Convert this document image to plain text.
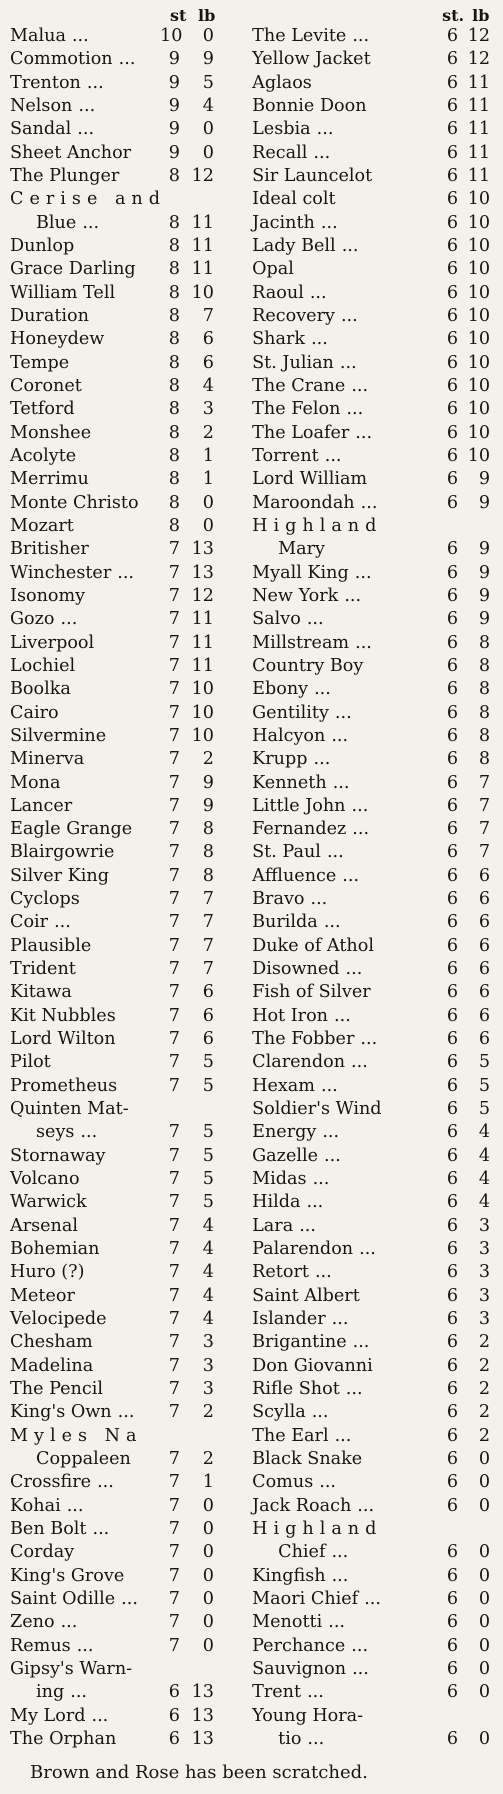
st lb
Malua ...	10	0
Commotion ...	9	9
Trenton ...	9	5
Nelson ...	9	4
Sandal ...	9	0
Sheet Anchor	9	0
The Plunger	8 12
Cerise and
Blue ...	8 11
Dunlop	8 11
Grace Darling	8 11
William Tell	8 10
Duration	8	7
Honeydew	8	6
Tempe	8	6
Coronet	8	4
Tetford	8	3
Monshee	8	2
Acolyte	8	1
Merrimu	8	1
Monte Christo	8	0
Mozart	8	0
Britisher	7 13
Winchester ...	7 13
Isonomy	7 12
Gozo ...	7 11
Liverpool	7 11
Lochiel	7 11
Boolka	7 10
Cairo	7 10
Silvermine	7 10
Minerva	7	2
Mona	7	9
Lancer	7	9
Eagle Grange	7	8
Blairgowrie	7	8
Silver King	7	8
Cyclops	7	7
Coir ...	7	7
Plausible	7	7
Trident	7	7
Kitawa	7	6
Kit Nubbles	7	6
Lord Wilton	7	6
Pilot	7	5
Prometheus	7	5
Quinten Mat-
seys ...	7	5
Stornaway	7	5
Volcano	7	5
Warwick	7	5
Arsenal	7	4
Bohemian	7	4
Huro (?)	7	4
Meteor	7	4
Velocipede	7	4
Chesham	7	3
Madelina	7	3
The Pencil	7	3
King's Own ...	7	2
Myles Na
Coppaleen	7	2
Crossfire ...	7	1
Kohai ...	7	0
Ben Bolt ...	7	0
Corday	7	0
King's Grove	7	0
Saint Odille ...	7	0
Zeno ...	7	0
Remus ...	7	0
Gipsy's Warn-
ing ...	6 13
My Lord ...	6 13
The Orphan	6 13
st. lb
The Levite ...	6 12
Yellow Jacket	6 12
Aglaos	6 11
Bonnie Doon	6 11
Lesbia ...	6 11
Recall ...	6 11
Sir Launcelot	6 11
Ideal colt	6 10
Jacinth ...	6 10
Lady Bell ...	6 10
Opal	6 10
Raoul ...	6 10
Recovery ...	6 10
Shark ...	6 10
St. Julian ...	6 10
The Crane ...	6 10
The Felon ...	6 10
The Loafer ...	6 10
Torrent ...	6 10
Lord William	6	9
Maroondah ...	6	9
Highland
Mary	6	9
Myall King ...	6	9
New York ...	6	9
Salvo ...	6	9
Millstream ...	6	8
Country Boy	6	8
Ebony ...	6	8
Gentility ...	6	8
Halcyon ...	6	8
Krupp ...	6	8
Kenneth ...	6	7
Little John ...	6	7
Fernandez ...	6	7
St. Paul ...	6	7
Affluence ...	6	6
Bravo ...	6	6
Burilda ...	6	6
Duke of Athol	6	6
Disowned ...	6	6
Fish of Silver	6	6
Hot Iron ...	6	6
The Fobber ...	6	6
Clarendon ...	6	5
Hexam ...	6	5
Soldier's Wind	6	5
Energy ...	6	4
Gazelle ...	6	4
Midas ...	6	4
Hilda ...	6	4
Lara ...	6	3
Palarendon ...	6	3
Retort ...	6	3
Saint Albert	6	3
Islander ...	6	3
Brigantine ...	6	2
Don Giovanni	6	2
Rifle Shot ...	6	2
Scylla ...	6	2
The Earl ...	6	2
Black Snake	6	0
Comus ...	6	0
Jack Roach ...	6	0
Highland
Chief ...	6	0
Kingfish ...	6	0
Maori Chief ...	6	0
Menotti ...	6	0
Perchance ...	6	0
Sauvignon ...	6	0
Trent ...	6	0
Young Hora-
tio ...	6	0
Brown and Rose has been scratched.
